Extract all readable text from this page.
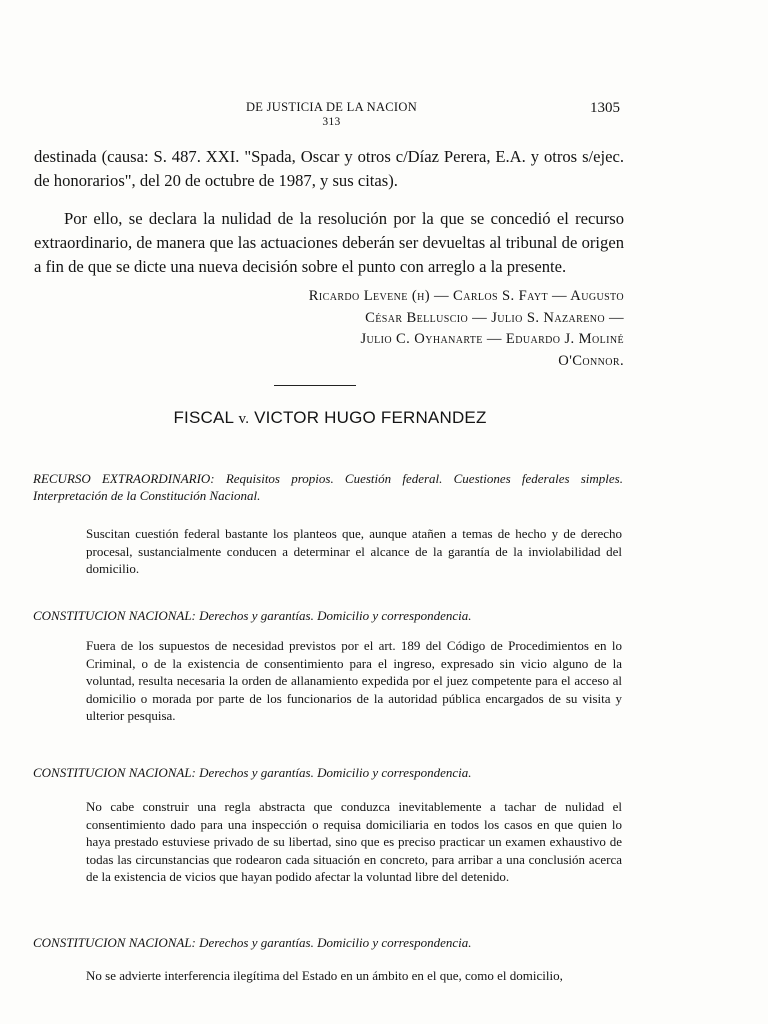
DE JUSTICIA DE LA NACION
313
1305

destinada (causa: S. 487. XXI. "Spada, Oscar y otros c/Díaz Perera, E.A. y otros s/ejec. de honorarios", del 20 de octubre de 1987, y sus citas).

Por ello, se declara la nulidad de la resolución por la que se concedió el recurso extraordinario, de manera que las actuaciones deberán ser devueltas al tribunal de origen a fin de que se dicte una nueva decisión sobre el punto con arreglo a la presente.

Ricardo Levene (h) — Carlos S. Fayt — Augusto
César Belluscio — Julio S. Nazareno —
Julio C. Oyhanarte — Eduardo J. Moliné
O'Connor.
FISCAL v. VICTOR HUGO FERNANDEZ

RECURSO EXTRAORDINARIO: Requisitos propios. Cuestión federal. Cuestiones federales simples. Interpretación de la Constitución Nacional.

Suscitan cuestión federal bastante los planteos que, aunque atañen a temas de hecho y de derecho procesal, sustancialmente conducen a determinar el alcance de la garantía de la inviolabilidad del domicilio.

CONSTITUCION NACIONAL: Derechos y garantías. Domicilio y correspondencia.

Fuera de los supuestos de necesidad previstos por el art. 189 del Código de Procedimientos en lo Criminal, o de la existencia de consentimiento para el ingreso, expresado sin vicio alguno de la voluntad, resulta necesaria la orden de allanamiento expedida por el juez competente para el acceso al domicilio o morada por parte de los funcionarios de la autoridad pública encargados de su visita y ulterior pesquisa.

CONSTITUCION NACIONAL: Derechos y garantías. Domicilio y correspondencia.

No cabe construir una regla abstracta que conduzca inevitablemente a tachar de nulidad el consentimiento dado para una inspección o requisa domiciliaria en todos los casos en que quien lo haya prestado estuviese privado de su libertad, sino que es preciso practicar un examen exhaustivo de todas las circunstancias que rodearon cada situación en concreto, para arribar a una conclusión acerca de la existencia de vicios que hayan podido afectar la voluntad libre del detenido.

CONSTITUCION NACIONAL: Derechos y garantías. Domicilio y correspondencia.

No se advierte interferencia ilegítima del Estado en un ámbito en el que, como el domicilio,
